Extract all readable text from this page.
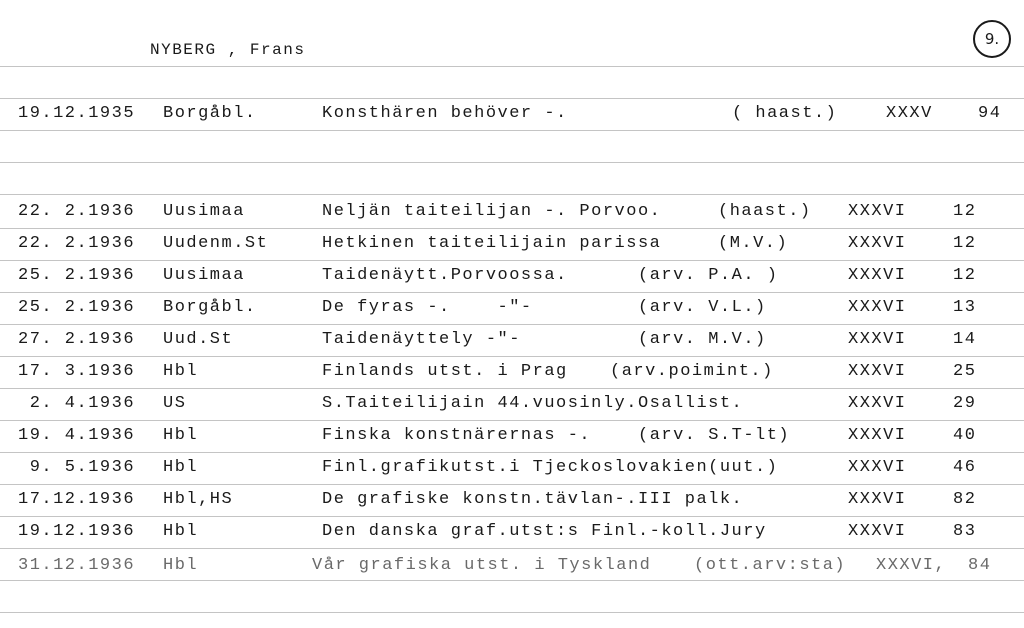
NYBERG , Frans
9.
19.12.1935 Borgåbl.	Konsthären behöver -.	( haast.)	XXXV	94
22. 2.1936 Uusimaa	Neljän taiteilijan -. Porvoo.	(haast.) XXXVI	12
22. 2.1936 Uudenm.St	Hetkinen taiteilijain parissa	(M.V.)	XXXVI	12
25. 2.1936 Uusimaa	Taidenäytt.Porvoossa.	(arv. P.A. )	XXXVI	12
25. 2.1936 Borgåbl.	De fyras -.    -"-	(arv. V.L.)	XXXVI	13
27. 2.1936 Uud.St	Taidenäyttely -"-	(arv. M.V.)	XXXVI	14
17. 3.1936 Hbl	Finlands utst. i Prag (arv.poimint.)	XXXVI	25
2. 4.1936 US	S.Taiteilijain 44.vuosinly.Osallist.	XXXVI	29
19. 4.1936 Hbl	Finska konstnärernas -.	(arv. S.T-lt)	XXXVI	40
9. 5.1936 Hbl	Finl.grafikutst.i Tjeckoslovakien(uut.)	XXXVI	46
17.12.1936 Hbl,HS	De grafiske konstn.tävlan-.III palk.	XXXVI	82
19.12.1936 Hbl	Den danska graf.utst:s Finl.-koll.Jury	XXXVI	83
31.12.1936 Hbl	Vår grafiska utst. i Tyskland	(ott.arv:sta) XXXVI, 84
